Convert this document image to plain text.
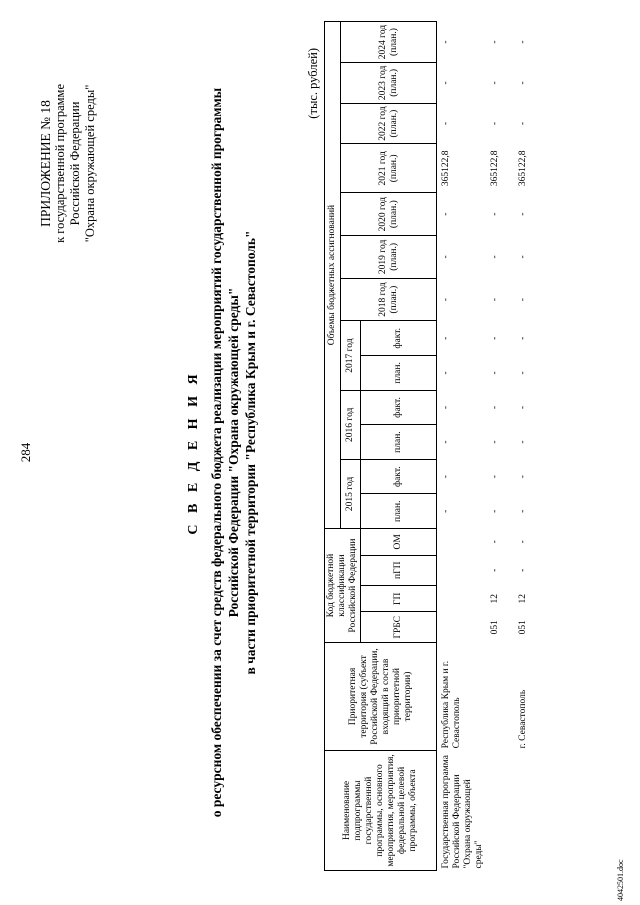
284
ПРИЛОЖЕНИЕ № 18 к государственной программе Российской Федерации "Охрана окружающей среды"
С В Е Д Е Н И Я о ресурсном обеспечении за счет средств федерального бюджета реализации мероприятий государственной программы Российской Федерации "Охрана окружающей среды" в части приоритетной территории "Республика Крым и г. Севастополь"
(тыс. рублей)
Наименование подпрограммы государственной программы, основного мероприятия, мероприятия, федеральной целевой программы, объекта	Приоритетная территория (субъект Российской Федерации, входящий в состав приоритетной территории)	Код бюджетной классификации Российской Федерации				Объемы бюджетных ассигнований												
						2015 год		2016 год		2017 год		2018 год (план.)	2019 год (план.)	2020 год (план.)	2021 год (план.)	2022 год (план.)	2023 год (план.)	2024 год (план.)
		ГРБС	ГП	пГП	ОМ	план.	факт.	план.	факт.	план.	факт.							

Государственная программа Российской Федерации "Охрана окружающей среды"	Республика Крым и г. Севастополь					-	-	-	-	-	-	-	-	-	365122,8	-	-	-
		051	12	-	-	-	-	-	-	-	-	-	-	-	365122,8	-	-	-
	г. Севастополь	051	12	-	-	-	-	-	-	-	-	-	-	-	365122,8	-	-	-
4042501.doc
